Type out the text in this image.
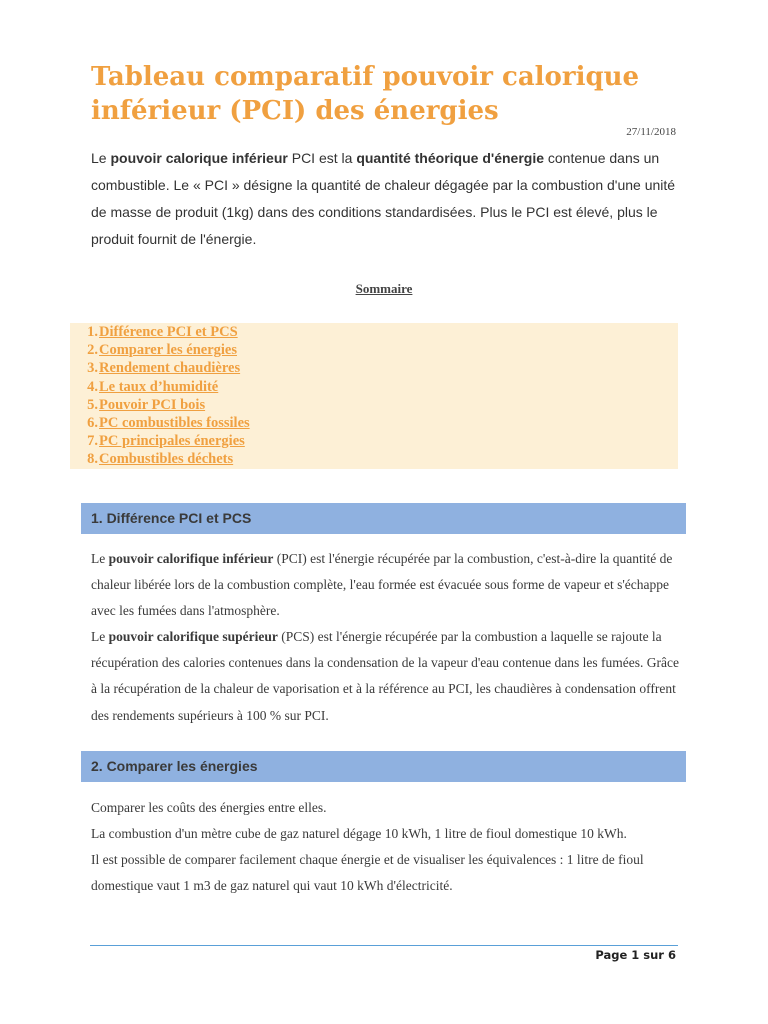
Tableau comparatif pouvoir calorique inférieur (PCI) des énergies
27/11/2018

Le pouvoir calorique inférieur PCI est la quantité théorique d'énergie contenue dans un combustible. Le « PCI » désigne la quantité de chaleur dégagée par la combustion d'une unité de masse de produit (1kg) dans des conditions standardisées. Plus le PCI est élevé, plus le produit fournit de l'énergie.

Sommaire
1. Différence PCI et PCS
2. Comparer les énergies
3. Rendement chaudières
4. Le taux d’humidité
5. Pouvoir PCI bois
6. PC combustibles fossiles
7. PC principales énergies
8. Combustibles déchets
1. Différence PCI et PCS

Le pouvoir calorifique inférieur (PCI) est l'énergie récupérée par la combustion, c'est-à-dire la quantité de chaleur libérée lors de la combustion complète, l'eau formée est évacuée sous forme de vapeur et s'échappe avec les fumées dans l'atmosphère.
Le pouvoir calorifique supérieur (PCS) est l'énergie récupérée par la combustion a laquelle se rajoute la récupération des calories contenues dans la condensation de la vapeur d'eau contenue dans les fumées. Grâce à la récupération de la chaleur de vaporisation et à la référence au PCI, les chaudières à condensation offrent des rendements supérieurs à 100 % sur PCI.

2. Comparer les énergies

Comparer les coûts des énergies entre elles.
La combustion d'un mètre cube de gaz naturel dégage 10 kWh, 1 litre de fioul domestique 10 kWh.
Il est possible de comparer facilement chaque énergie et de visualiser les équivalences : 1 litre de fioul domestique vaut 1 m3 de gaz naturel qui vaut 10 kWh d'électricité.

Page 1 sur 6
